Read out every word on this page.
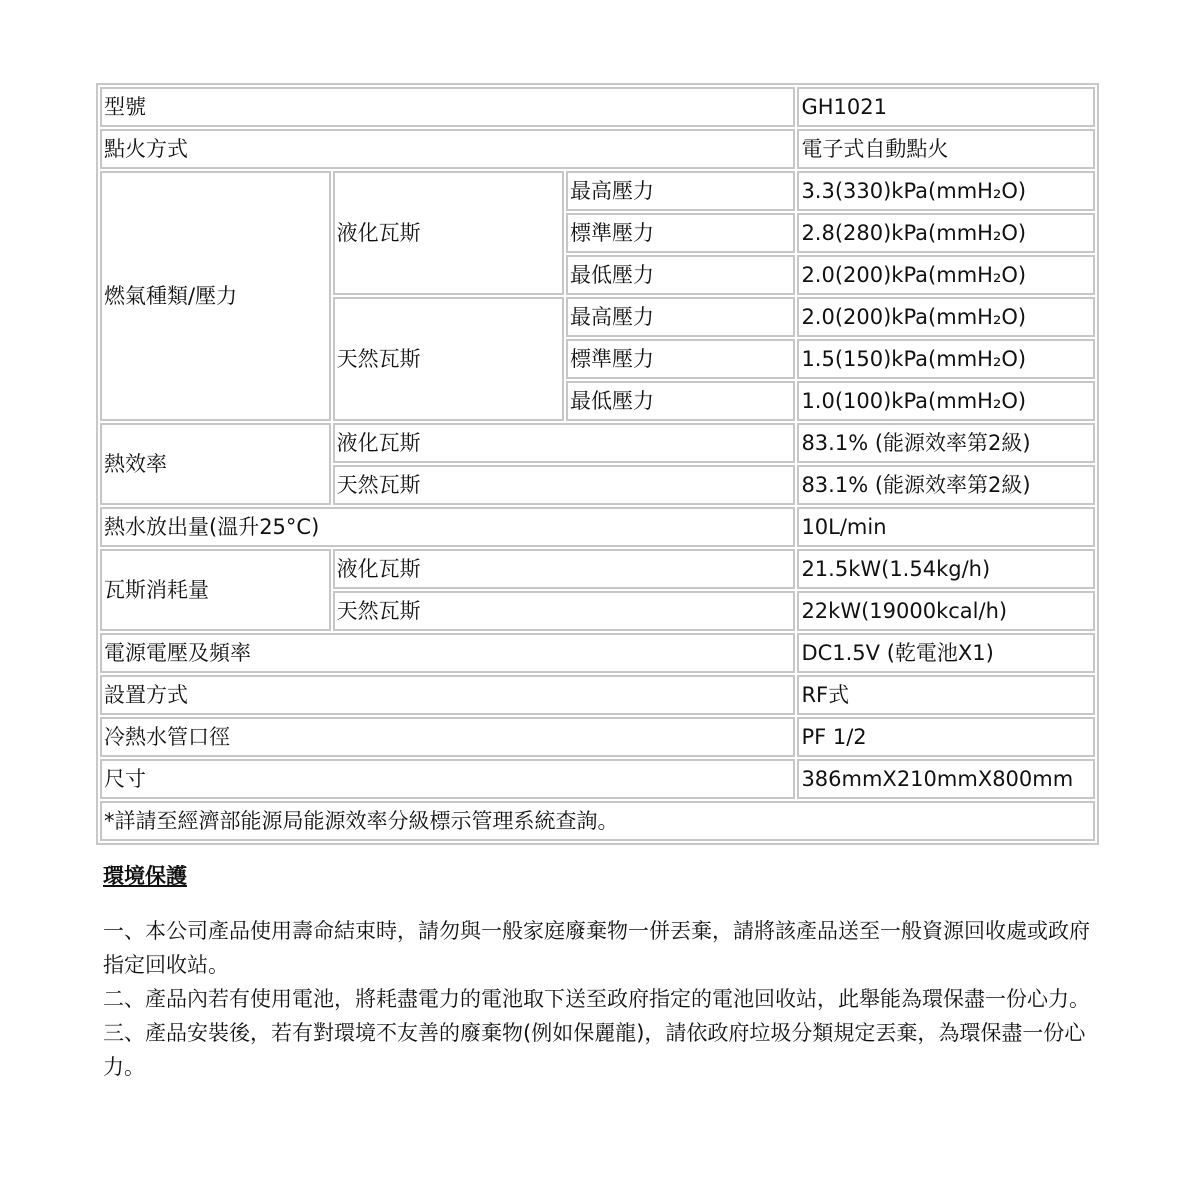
型號			GH1021
點火方式			電子式自動點火
燃氣種類/壓力	液化瓦斯	最高壓力	3.3(330)kPa(mmH₂O)
		標準壓力	2.8(280)kPa(mmH₂O)
		最低壓力	2.0(200)kPa(mmH₂O)
	天然瓦斯	最高壓力	2.0(200)kPa(mmH₂O)
		標準壓力	1.5(150)kPa(mmH₂O)
		最低壓力	1.0(100)kPa(mmH₂O)
熱效率	液化瓦斯		83.1% (能源效率第2級)
	天然瓦斯		83.1% (能源效率第2級)
熱水放出量(溫升25°C)			10L/min
瓦斯消耗量	液化瓦斯		21.5kW(1.54kg/h)
	天然瓦斯		22kW(19000kcal/h)
電源電壓及頻率			DC1.5V (乾電池X1)
設置方式			RF式
冷熱水管口徑			PF 1/2
尺寸			386mmX210mmX800mm
*詳請至經濟部能源局能源效率分級標示管理系統查詢。			
環境保護

一、本公司產品使用壽命結束時，請勿與一般家庭廢棄物一併丟棄，請將該產品送至一般資源回收處或政府指定回收站。

二、產品內若有使用電池，將耗盡電力的電池取下送至政府指定的電池回收站，此舉能為環保盡一份心力。

三、產品安裝後，若有對環境不友善的廢棄物(例如保麗龍)，請依政府垃圾分類規定丟棄，為環保盡一份心力。
